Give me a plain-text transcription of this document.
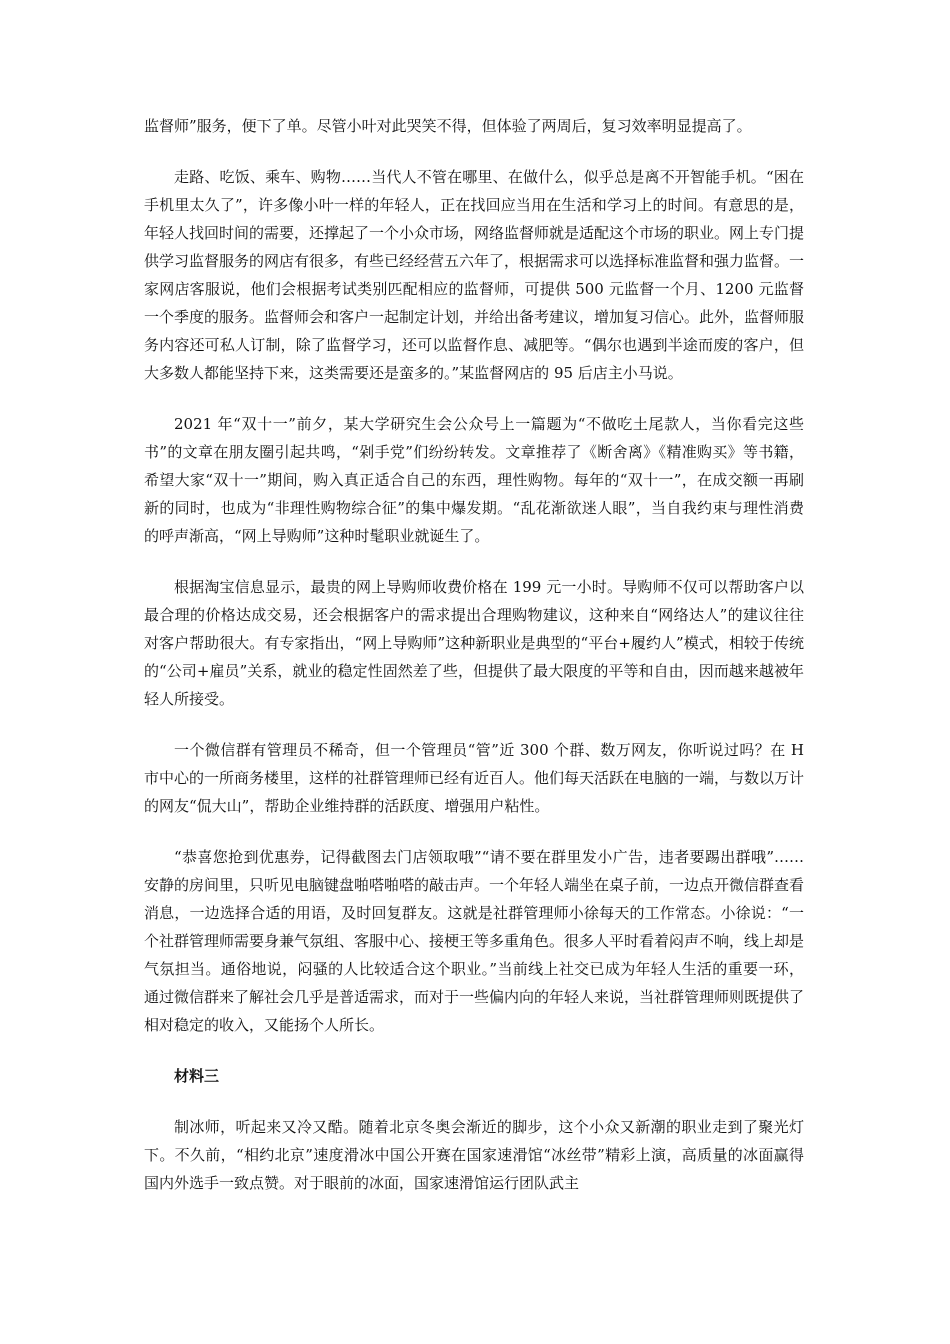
监督师”服务，便下了单。尽管小叶对此哭笑不得，但体验了两周后，复习效率明显提高了。

走路、吃饭、乘车、购物……当代人不管在哪里、在做什么，似乎总是离不开智能手机。“困在手机里太久了”，许多像小叶一样的年轻人，正在找回应当用在生活和学习上的时间。有意思的是，年轻人找回时间的需要，还撑起了一个小众市场，网络监督师就是适配这个市场的职业。网上专门提供学习监督服务的网店有很多，有些已经经营五六年了，根据需求可以选择标准监督和强力监督。一家网店客服说，他们会根据考试类别匹配相应的监督师，可提供 500 元监督一个月、1200 元监督一个季度的服务。监督师会和客户一起制定计划，并给出备考建议，增加复习信心。此外，监督师服务内容还可私人订制，除了监督学习，还可以监督作息、减肥等。“偶尔也遇到半途而废的客户，但大多数人都能坚持下来，这类需要还是蛮多的。”某监督网店的 95 后店主小马说。

2021 年“双十一”前夕，某大学研究生会公众号上一篇题为“不做吃土尾款人，当你看完这些书”的文章在朋友圈引起共鸣，“剁手党”们纷纷转发。文章推荐了《断舍离》《精准购买》等书籍，希望大家“双十一”期间，购入真正适合自己的东西，理性购物。每年的“双十一”，在成交额一再刷新的同时，也成为“非理性购物综合征”的集中爆发期。“乱花渐欲迷人眼”，当自我约束与理性消费的呼声渐高，“网上导购师”这种时髦职业就诞生了。

根据淘宝信息显示，最贵的网上导购师收费价格在 199 元一小时。导购师不仅可以帮助客户以最合理的价格达成交易，还会根据客户的需求提出合理购物建议，这种来自“网络达人”的建议往往对客户帮助很大。有专家指出，“网上导购师”这种新职业是典型的“平台+履约人”模式，相较于传统的“公司+雇员”关系，就业的稳定性固然差了些，但提供了最大限度的平等和自由，因而越来越被年轻人所接受。

一个微信群有管理员不稀奇，但一个管理员“管”近 300 个群、数万网友，你听说过吗？在 H 市中心的一所商务楼里，这样的社群管理师已经有近百人。他们每天活跃在电脑的一端，与数以万计的网友“侃大山”，帮助企业维持群的活跃度、增强用户粘性。

“恭喜您抢到优惠券，记得截图去门店领取哦”“请不要在群里发小广告，违者要踢出群哦”……安静的房间里，只听见电脑键盘啪嗒啪嗒的敲击声。一个年轻人端坐在桌子前，一边点开微信群查看消息，一边选择合适的用语，及时回复群友。这就是社群管理师小徐每天的工作常态。小徐说：“一个社群管理师需要身兼气氛组、客服中心、接梗王等多重角色。很多人平时看着闷声不响，线上却是气氛担当。通俗地说，闷骚的人比较适合这个职业。”当前线上社交已成为年轻人生活的重要一环，通过微信群来了解社会几乎是普适需求，而对于一些偏内向的年轻人来说，当社群管理师则既提供了相对稳定的收入，又能扬个人所长。

材料三

制冰师，听起来又冷又酷。随着北京冬奥会渐近的脚步，这个小众又新潮的职业走到了聚光灯下。不久前，“相约北京”速度滑冰中国公开赛在国家速滑馆“冰丝带”精彩上演，高质量的冰面赢得国内外选手一致点赞。对于眼前的冰面，国家速滑馆运行团队武主
